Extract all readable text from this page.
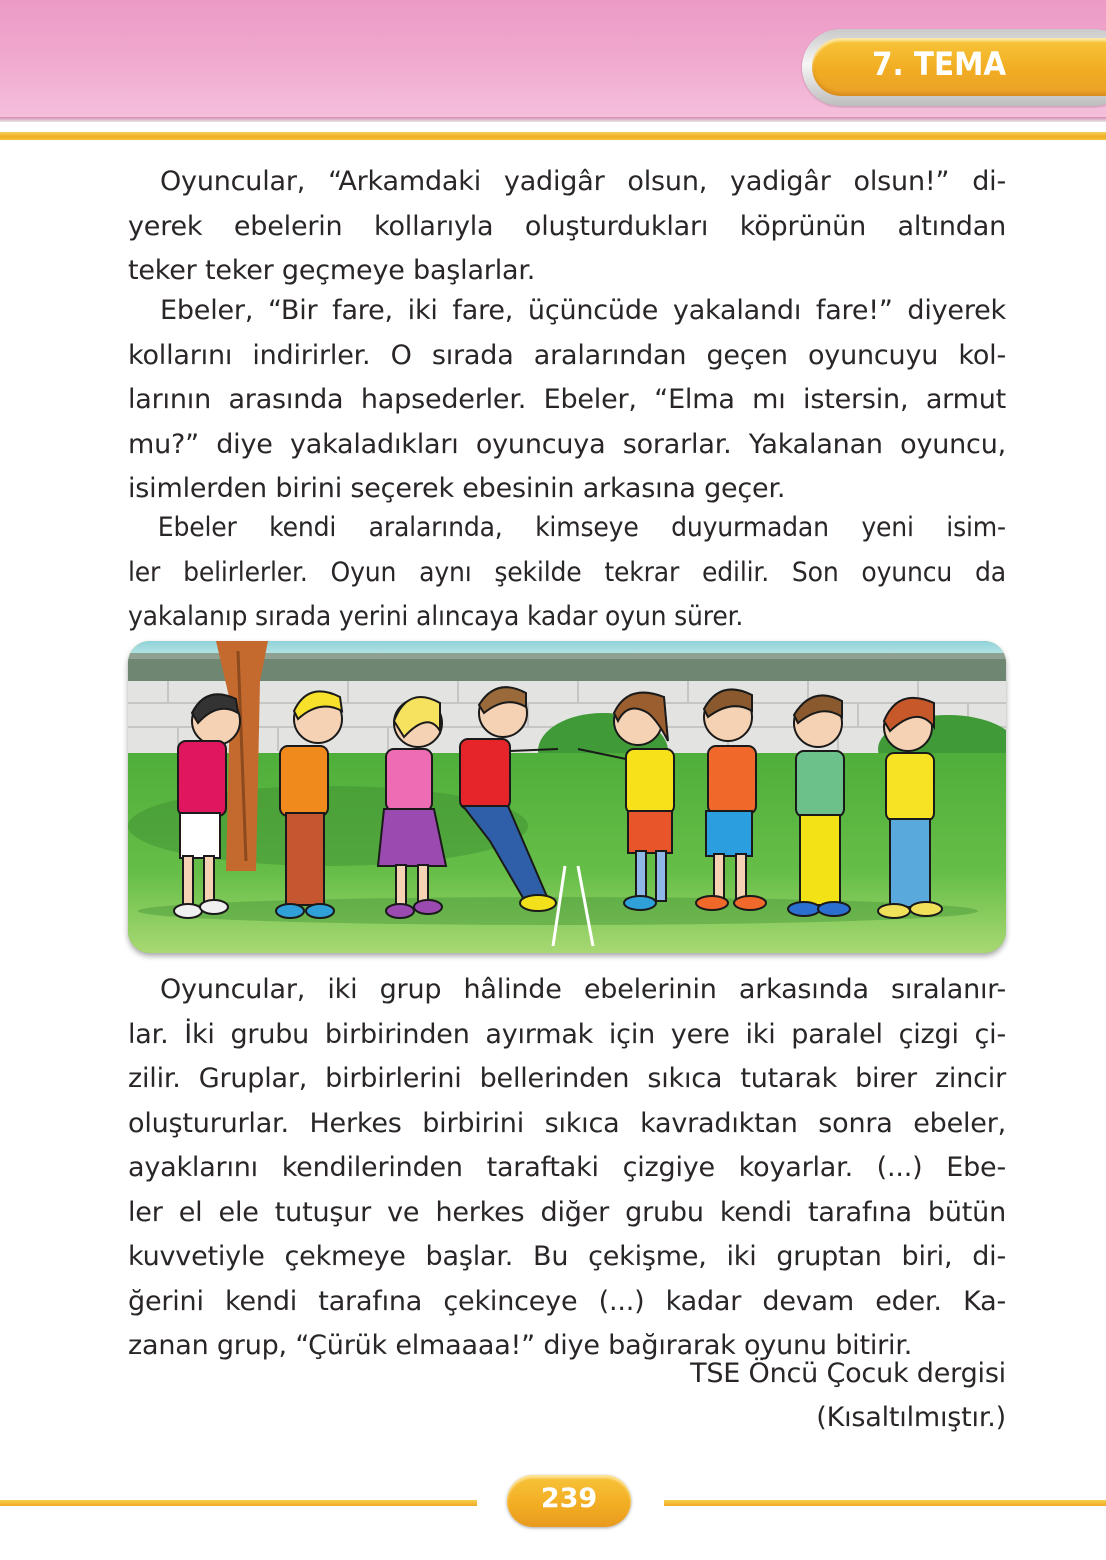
7. TEMA
Oyuncular, “Arkamdaki yadigâr olsun, yadigâr olsun!” di-
yerek ebelerin kollarıyla oluşturdukları köprünün altından
teker teker geçmeye başlarlar.
Ebeler, “Bir fare, iki fare, üçüncüde yakalandı fare!” diyerek
kollarını indirirler. O sırada aralarından geçen oyuncuyu kol-
larının arasında hapsederler. Ebeler, “Elma mı istersin, armut
mu?” diye yakaladıkları oyuncuya sorarlar. Yakalanan oyuncu,
isimlerden birini seçerek ebesinin arkasına geçer.
Ebeler kendi aralarında, kimseye duyurmadan yeni isim-
ler belirlerler. Oyun aynı şekilde tekrar edilir. Son oyuncu da
yakalanıp sırada yerini alıncaya kadar oyun sürer.
Oyuncular, iki grup hâlinde ebelerinin arkasında sıralanır-
lar. İki grubu birbirinden ayırmak için yere iki paralel çizgi çi-
zilir. Gruplar, birbirlerini bellerinden sıkıca tutarak birer zincir
oluştururlar. Herkes birbirini sıkıca kavradıktan sonra ebeler,
ayaklarını kendilerinden taraftaki çizgiye koyarlar. (...) Ebe-
ler el ele tutuşur ve herkes diğer grubu kendi tarafına bütün
kuvvetiyle çekmeye başlar. Bu çekişme, iki gruptan biri, di-
ğerini kendi tarafına çekinceye (...) kadar devam eder. Ka-
zanan grup, “Çürük elmaaaa!” diye bağırarak oyunu bitirir.
TSE Öncü Çocuk dergisi
(Kısaltılmıştır.)
239
